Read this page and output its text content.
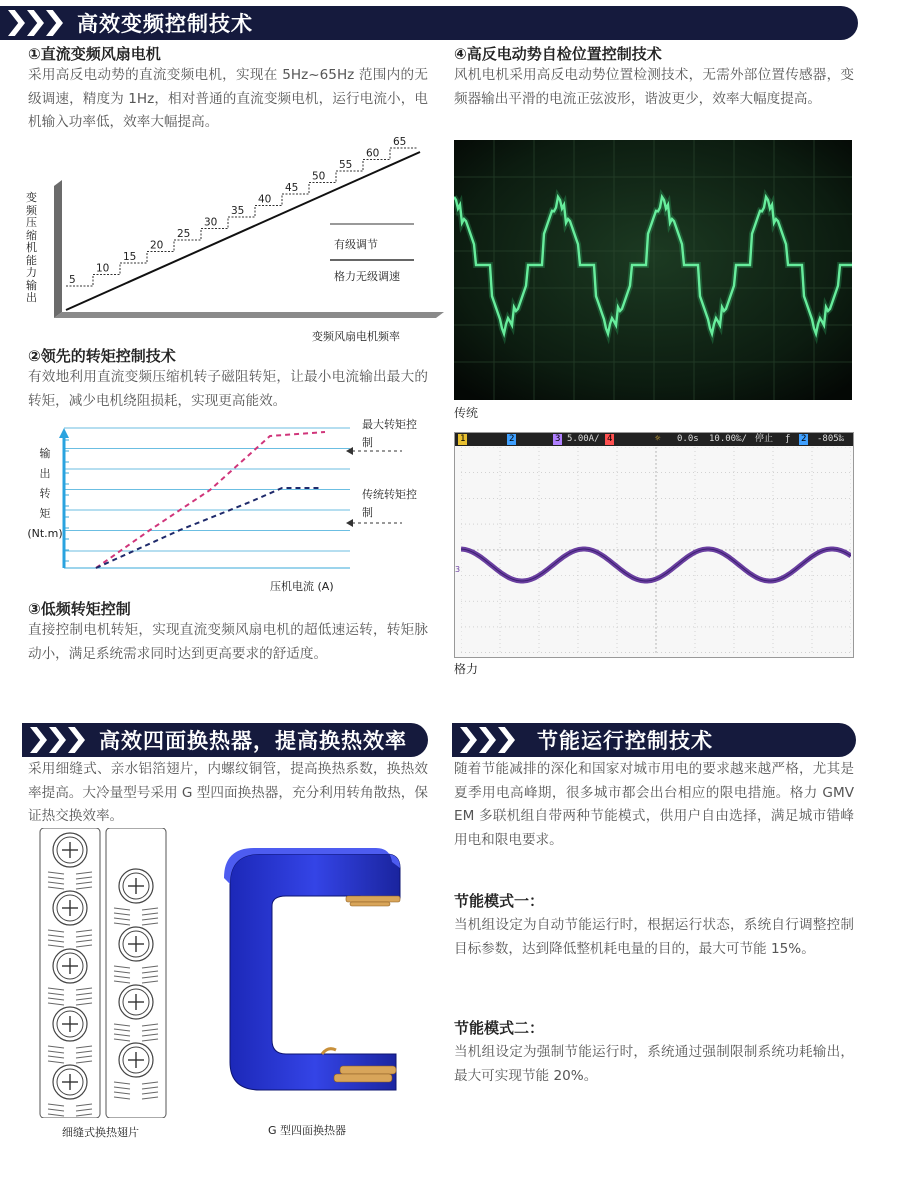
高效变频控制技术
①直流变频风扇电机
采用高反电动势的直流变频电机，实现在 5Hz~65Hz 范围内的无级调速，精度为 1Hz，相对普通的直流变频电机，运行电流小，电机输入功率低，效率大幅提高。
5
10
15
20
25
30
35
40
45
50
55
60
65
变频压缩机能力输出
有级调节
格力无级调速
变频风扇电机频率
②领先的转矩控制技术
有效地利用直流变频压缩机转子磁阻转矩，让最小电流输出最大的转矩，减少电机绕阻损耗，实现更高能效。
输
出
转
矩
(Nt.m)
最大转矩控
制
传统转矩控
制
压机电流 (A)
③低频转矩控制
直接控制电机转矩，实现直流变频风扇电机的超低速运转，转矩脉动小，满足系统需求同时达到更高要求的舒适度。
④高反电动势自检位置控制技术
风机电机采用高反电动势位置检测技术，无需外部位置传感器，变频器输出平滑的电流正弦波形，谐波更少，效率大幅度提高。
传统
1	2	3 5.00A/ 4	☼ 0.0s 10.00‰/ 停止 ƒ 2 -805‰
3
格力
高效四面换热器，提高换热效率
采用细缝式、亲水铝箔翅片，内螺纹铜管，提高换热系数，换热效率提高。大冷量型号采用 G 型四面换热器，充分利用转角散热，保证热交换效率。
细缝式换热翅片	G 型四面换热器
节能运行控制技术
随着节能减排的深化和国家对城市用电的要求越来越严格，尤其是夏季用电高峰期，很多城市都会出台相应的限电措施。格力 GMV EM 多联机组自带两种节能模式，供用户自由选择，满足城市错峰用电和限电要求。
节能模式一：
当机组设定为自动节能运行时，根据运行状态，系统自行调整控制目标参数，达到降低整机耗电量的目的，最大可节能 15%。
节能模式二：
当机组设定为强制节能运行时，系统通过强制限制系统功耗输出，最大可实现节能 20%。
